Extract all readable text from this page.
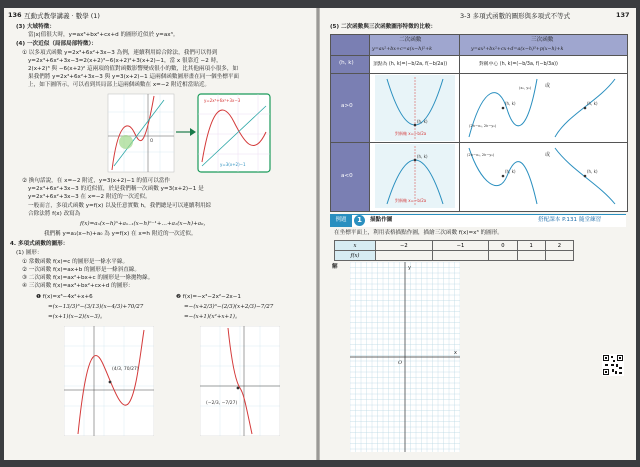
136 互動式教學講義 · 數學 (1)
(3) 大域特徵：
當|x|值很大時，y=ax³+bx²+cx+d 的圖形近似於 y=ax³。
(4) 一次近似（局部局部特徵）：
① 以多項式函數 y=2x³+6x²+3x−3 為例，連續利用綜合除法，我們可以得到
y=2x³+6x²+3x−3=2(x+2)³−6(x+2)²+3(x+2)−1，當 x 很靠近 −2 時，
2(x+2)³ 與 −6(x+2)² 這兩項的值對函數影響變成很小的數，比其他兩項小很多，如
果我們將 y=2x³+6x²+3x−3 與 y=3(x+2)−1 這兩個函數圖形畫在同一個坐標平面
上，如下圖所示，可以看到其局部上這兩個函數在 x=−2 附近相當貼近。
y=2x³+6x²+3x−3
y=3(x+2)−1
O
② 換句話說，在 x=−2 附近，y=3(x+2)−1 的值可以當作
y=2x³+6x²+3x−3 的近似值，於是我們稱一次函數 y=3(x+2)−1 是
y=2x³+6x²+3x−3 在 x=−2 附近的一次近似。
一般而言，多項式函數 y=f(x) 以及任意實數 h，我們總是可以連續利用綜
合除法將 f(x) 改寫為
f(x)=aₙ(x−h)ⁿ+aₙ₋₁(x−h)ⁿ⁻¹+…+a₁(x−h)+a₀，
我們稱 y=a₁(x−h)+a₀ 為 y=f(x) 在 x=h 附近的一次近似。
4. 多項式函數的圖形：
(1) 圖形：
① 常數函數 f(x)=c 的圖形是一條水平線。
② 一次函數 f(x)=ax+b 的圖形是一條斜直線。
③ 二次函數 f(x)=ax²+bx+c 的圖形是一條拋物線。
④ 三次函數 f(x)=ax³+bx²+cx+d 的圖形：
❶ f(x)=x³−4x²+x+6
=(x−13/3)³−(3/13)(x−4/3)+70/27
=(x+1)(x−2)(x−3)。
❷ f(x)=−x³−2x²−2x−1
=−(x+2/3)³−(2/3)(x+2/3)−7/27
=−(x+1)(x²+x+1)。
(4/3, 70/27)
(−2/3, −7/27)
3-3 多項式函數的圖形與多項式不等式	137
(5) 二次函數與三次函數圖形特徵的比較：
二次函數
y=ax²+bx+c=a(x−h)²+k
三次函數
y=ax³+bx²+cx+d=a(x−h)³+p(x−h)+k
(h, k)	頂點為 (h, k)=(−b/2a, f(−b/2a))	對稱中心 (h, k)=(−b/3a, f(−b/3a))
a>0
a<0
(h, k)
對稱軸 x=−b/2a
(h, k)
對稱軸 x=−b/2a
(h, k)
(2h−x₀, 2k−y₀)
(x₀, y₀)	或
(h, k)
(h, k)
(2h−x₀, 2k−y₀)	或
(h, k)
例題	1	描點作圖	搭配課本 P.131 隨堂練習
在坐標平面上，利用表格描點作圖，描繪三次函數 f(x)=x³ 的圖形。
x	−2	−1	0	1	2
f(x)					
解
O
x
y
